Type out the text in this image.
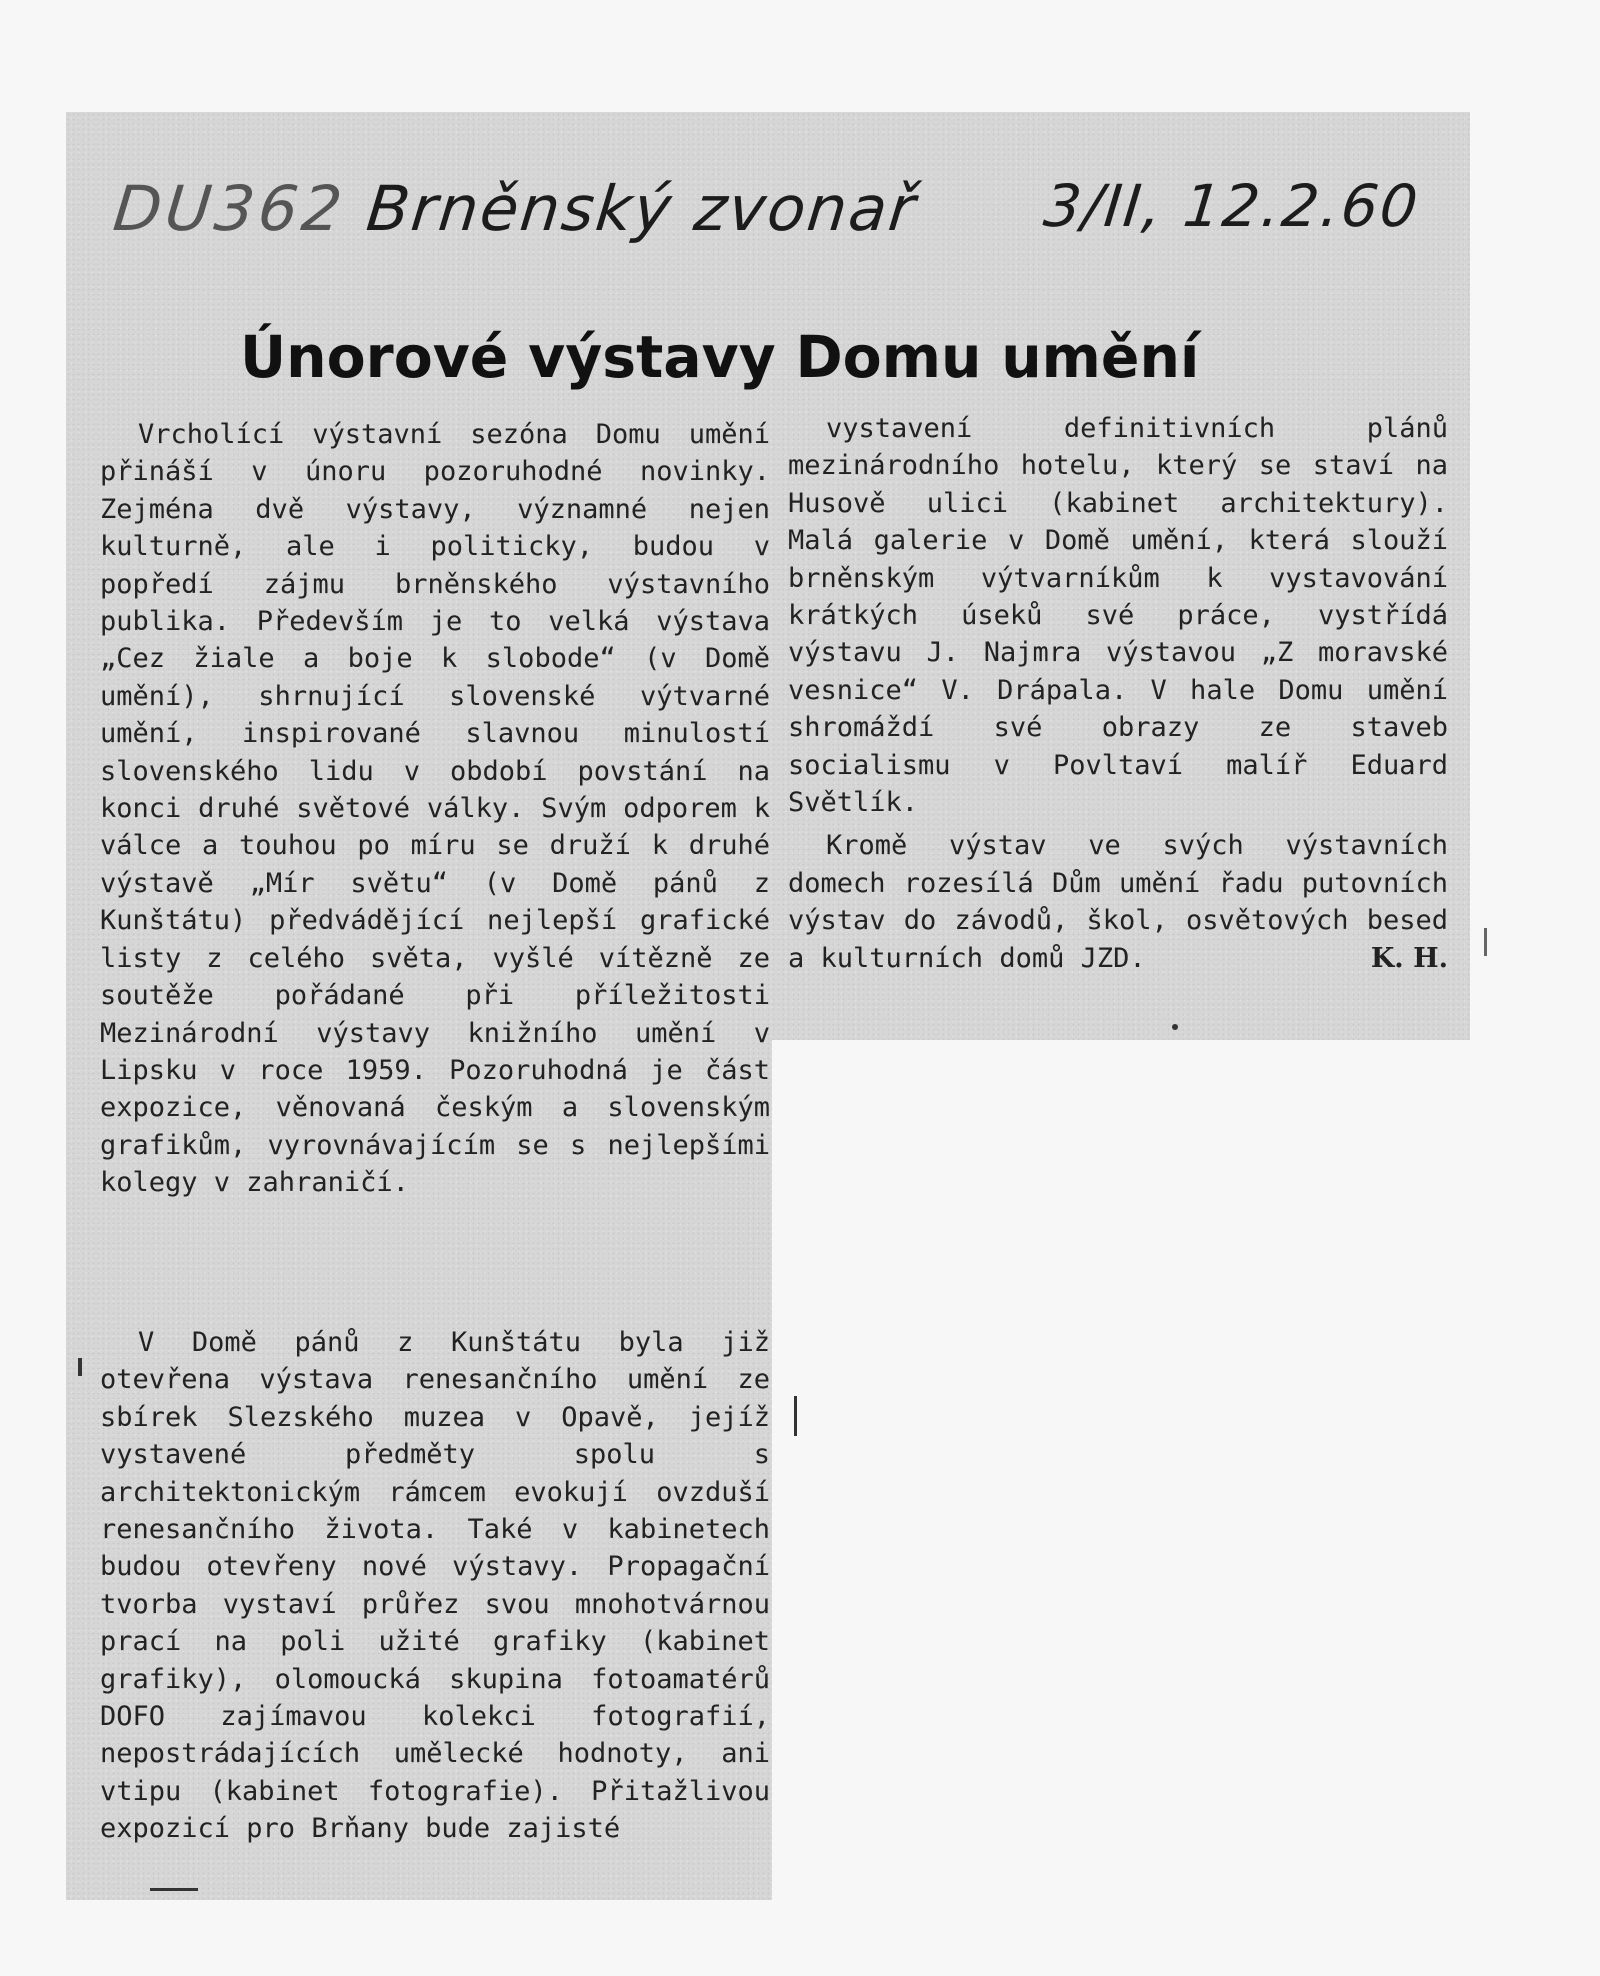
DU362 Brněnský zvonař 3/II, 12.2.60
Únorové výstavy Domu umění

Vrcholící výstavní sezóna Domu umění přináší v únoru pozoruhodné novinky. Zejména dvě výstavy, významné nejen kulturně, ale i politicky, budou v popředí zájmu brněnského výstavního publika. Především je to velká výstava „Cez žiale a boje k slobode“ (v Domě umění), shrnující slovenské výtvarné umění, inspirované slavnou minulostí slovenského lidu v období povstání na konci druhé světové války. Svým odporem k válce a touhou po míru se druží k druhé výstavě „Mír světu“ (v Domě pánů z Kunštátu) předvádějící nejlepší grafické listy z celého světa, vyšlé vítězně ze soutěže pořádané při příležitosti Mezinárodní výstavy knižního umění v Lipsku v roce 1959. Pozoruhodná je část expozice, věnovaná českým a slovenským grafikům, vyrovnávajícím se s nejlepšími kolegy v zahraničí.

V Domě pánů z Kunštátu byla již otevřena výstava renesančního umění ze sbírek Slezského muzea v Opavě, jejíž vystavené předměty spolu s architektonickým rámcem evokují ovzduší renesančního života. Také v kabinetech budou otevřeny nové výstavy. Propagační tvorba vystaví průřez svou mnohotvárnou prací na poli užité grafiky (kabinet grafiky), olomoucká skupina fotoamatérů DOFO zajímavou kolekci fotografií, nepostrádajících umělecké hodnoty, ani vtipu (kabinet fotografie). Přitažlivou expozicí pro Brňany bude zajisté

vystavení definitivních plánů mezinárodního hotelu, který se staví na Husově ulici (kabinet architektury). Malá galerie v Domě umění, která slouží brněnským výtvarníkům k vystavování krátkých úseků své práce, vystřídá výstavu J. Najmra výstavou „Z moravské vesnice“ V. Drápala. V hale Domu umění shromáždí své obrazy ze staveb socialismu v Povltaví malíř Eduard Světlík.

Kromě výstav ve svých výstavních domech rozesílá Dům umění řadu putovních výstav do závodů, škol, osvětových besed a kulturních domů JZD.	K. H.
